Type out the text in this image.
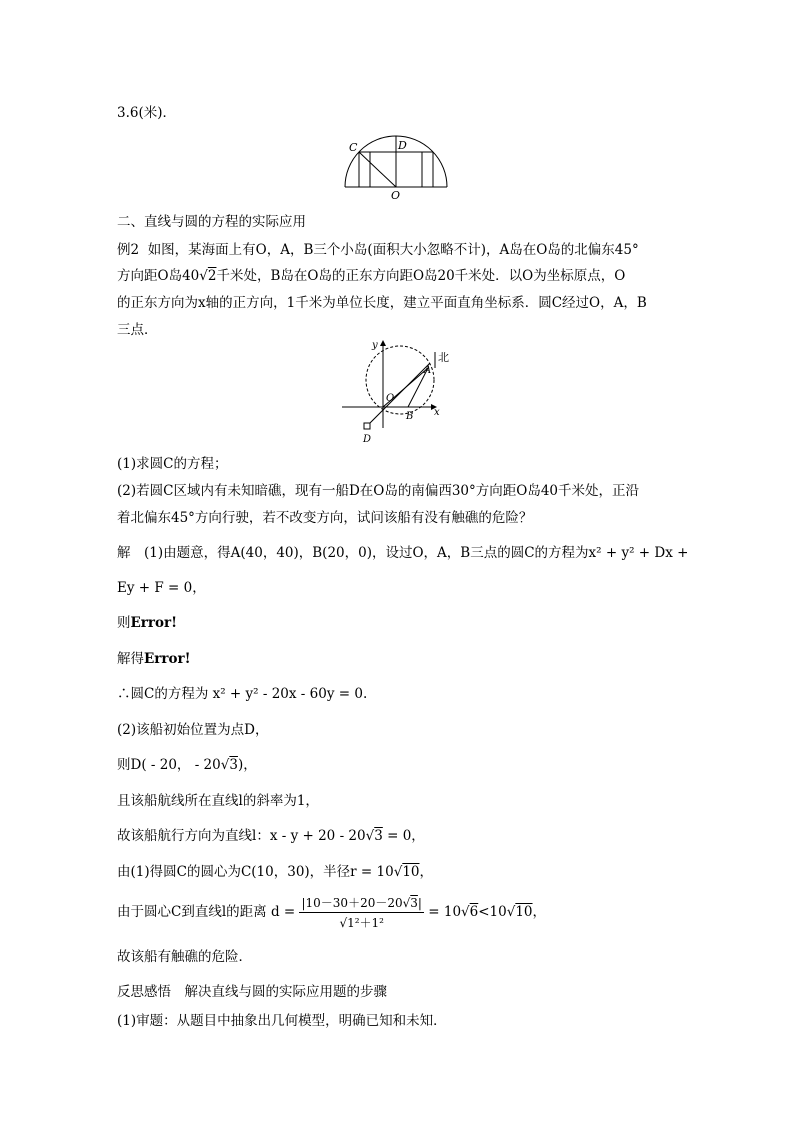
3.6(米)．
C	D
O
二、直线与圆的方程的实际应用
例2 如图，某海面上有O，A，B三个小岛(面积大小忽略不计)，A岛在O岛的北偏东45°
方向距O岛40√2千米处，B岛在O岛的正东方向距O岛20千米处．以O为坐标原点，O
的正东方向为x轴的正方向，1千米为单位长度，建立平面直角坐标系．圆C经过O，A，B
三点．
y
北
A
O
B x
D
(1)求圆C的方程；
(2)若圆C区域内有未知暗礁，现有一船D在O岛的南偏西30°方向距O岛40千米处，正沿
着北偏东45°方向行驶，若不改变方向，试问该船有没有触礁的危险？
解　(1)由题意，得A(40，40)，B(20，0)，设过O，A，B三点的圆C的方程为x² + y² + Dx +
Ey + F = 0，
则Error!
解得Error!
∴圆C的方程为 x² + y² - 20x - 60y = 0.
(2)该船初始位置为点D，
则D( - 20， - 20√3)，
且该船航线所在直线l的斜率为1，
故该船航行方向为直线l：x - y + 20 - 20√3 = 0，
由(1)得圆C的圆心为C(10，30)，半径r = 10√10，
由于圆心C到直线l的距离 $d = \frac{|10-30+20-20√3|}{\text{√1²＋1²}} = 10√6<10√10$，
故该船有触礁的危险．
反思感悟　解决直线与圆的实际应用题的步骤
(1)审题：从题目中抽象出几何模型，明确已知和未知．
